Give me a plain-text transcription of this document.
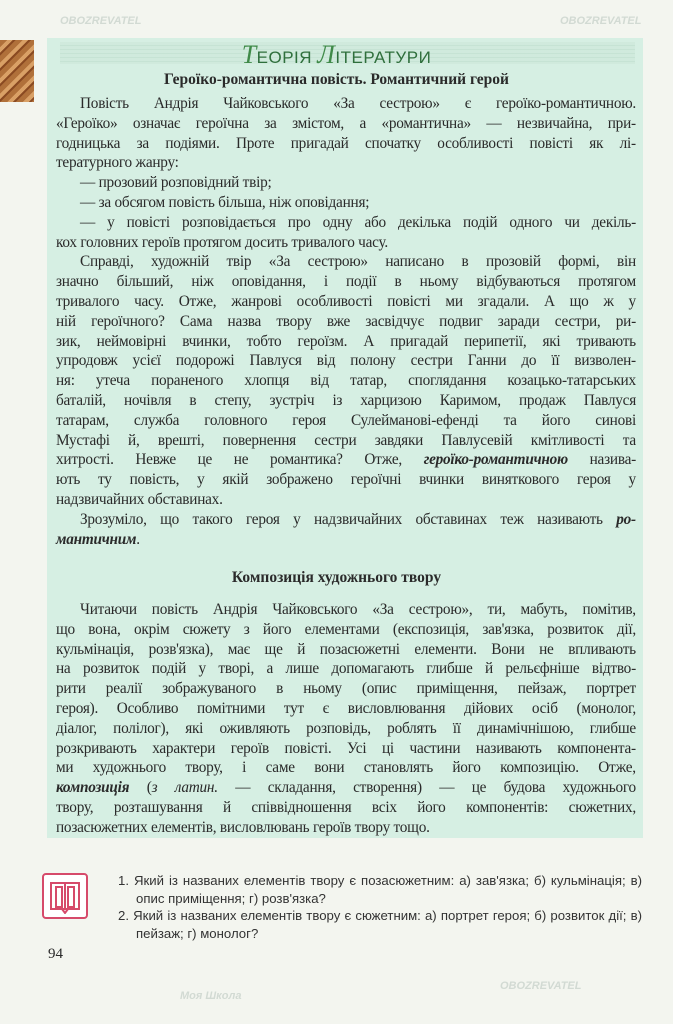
ТЕОРІЯ ЛІТЕРАТУРИ
Героїко-романтична повість. Романтичний герой
Повість Андрія Чайковського «За сестрою» є героїко-романтичною.
«Героїко» означає героїчна за змістом, а «романтична» — незвичайна, при-
годницька за подіями. Проте пригадай спочатку особливості повісті як лі-
тературного жанру:
— прозовий розповідний твір;
— за обсягом повість більша, ніж оповідання;
— у повісті розповідається про одну або декілька подій одного чи декіль-
кох головних героїв протягом досить тривалого часу.
Справді, художній твір «За сестрою» написано в прозовій формі, він
значно більший, ніж оповідання, і події в ньому відбуваються протягом
тривалого часу. Отже, жанрові особливості повісті ми згадали. А що ж у
ній героїчного? Сама назва твору вже засвідчує подвиг заради сестри, ри-
зик, неймовірні вчинки, тобто героїзм. А пригадай перипетії, які тривають
упродовж усієї подорожі Павлуся від полону сестри Ганни до її визволен-
ня: утеча пораненого хлопця від татар, споглядання козацько-татарських
баталій, ночівля в степу, зустріч із харцизою Каримом, продаж Павлуся
татарам, служба головного героя Сулейманові-ефенді та його синові
Мустафі й, врешті, повернення сестри завдяки Павлусевій кмітливості та
хитрості. Невже це не романтика? Отже, героїко-романтичною назива-
ють ту повість, у якій зображено героїчні вчинки виняткового героя у
надзвичайних обставинах.
Зрозуміло, що такого героя у надзвичайних обставинах теж називають ро-
мантичним .
Композиція художнього твору
Читаючи повість Андрія Чайковського «За сестрою», ти, мабуть, помітив,
що вона, окрім сюжету з його елементами (експозиція, зав'язка, розвиток дії,
кульмінація, розв'язка), має ще й позасюжетні елементи. Вони не впливають
на розвиток подій у творі, а лише допомагають глибше й рельєфніше відтво-
рити реалії зображуваного в ньому (опис приміщення, пейзаж, портрет
героя). Особливо помітними тут є висловлювання дійових осіб (монолог,
діалог, полілог), які оживляють розповідь, роблять її динамічнішою, глибше
розкривають характери героїв повісті. Усі ці частини називають компонента-
ми художнього твору, і саме вони становлять його композицію. Отже,
композиція (з латин. — складання, створення) — це будова художнього
твору, розташування й співвідношення всіх його компонентів: сюжетних,
позасюжетних елементів, висловлювань героїв твору тощо.
1. Який із названих елементів твору є позасюжетним: а) зав'язка; б) кульмінація; в) опис приміщення; г) розв'язка?
2. Який із названих елементів твору є сюжетним: а) портрет героя; б) розвиток дії; в) пейзаж; г) монолог?
94
OBOZREVATEL
OBOZREVATEL
OBOZREVATEL
Моя Школа
